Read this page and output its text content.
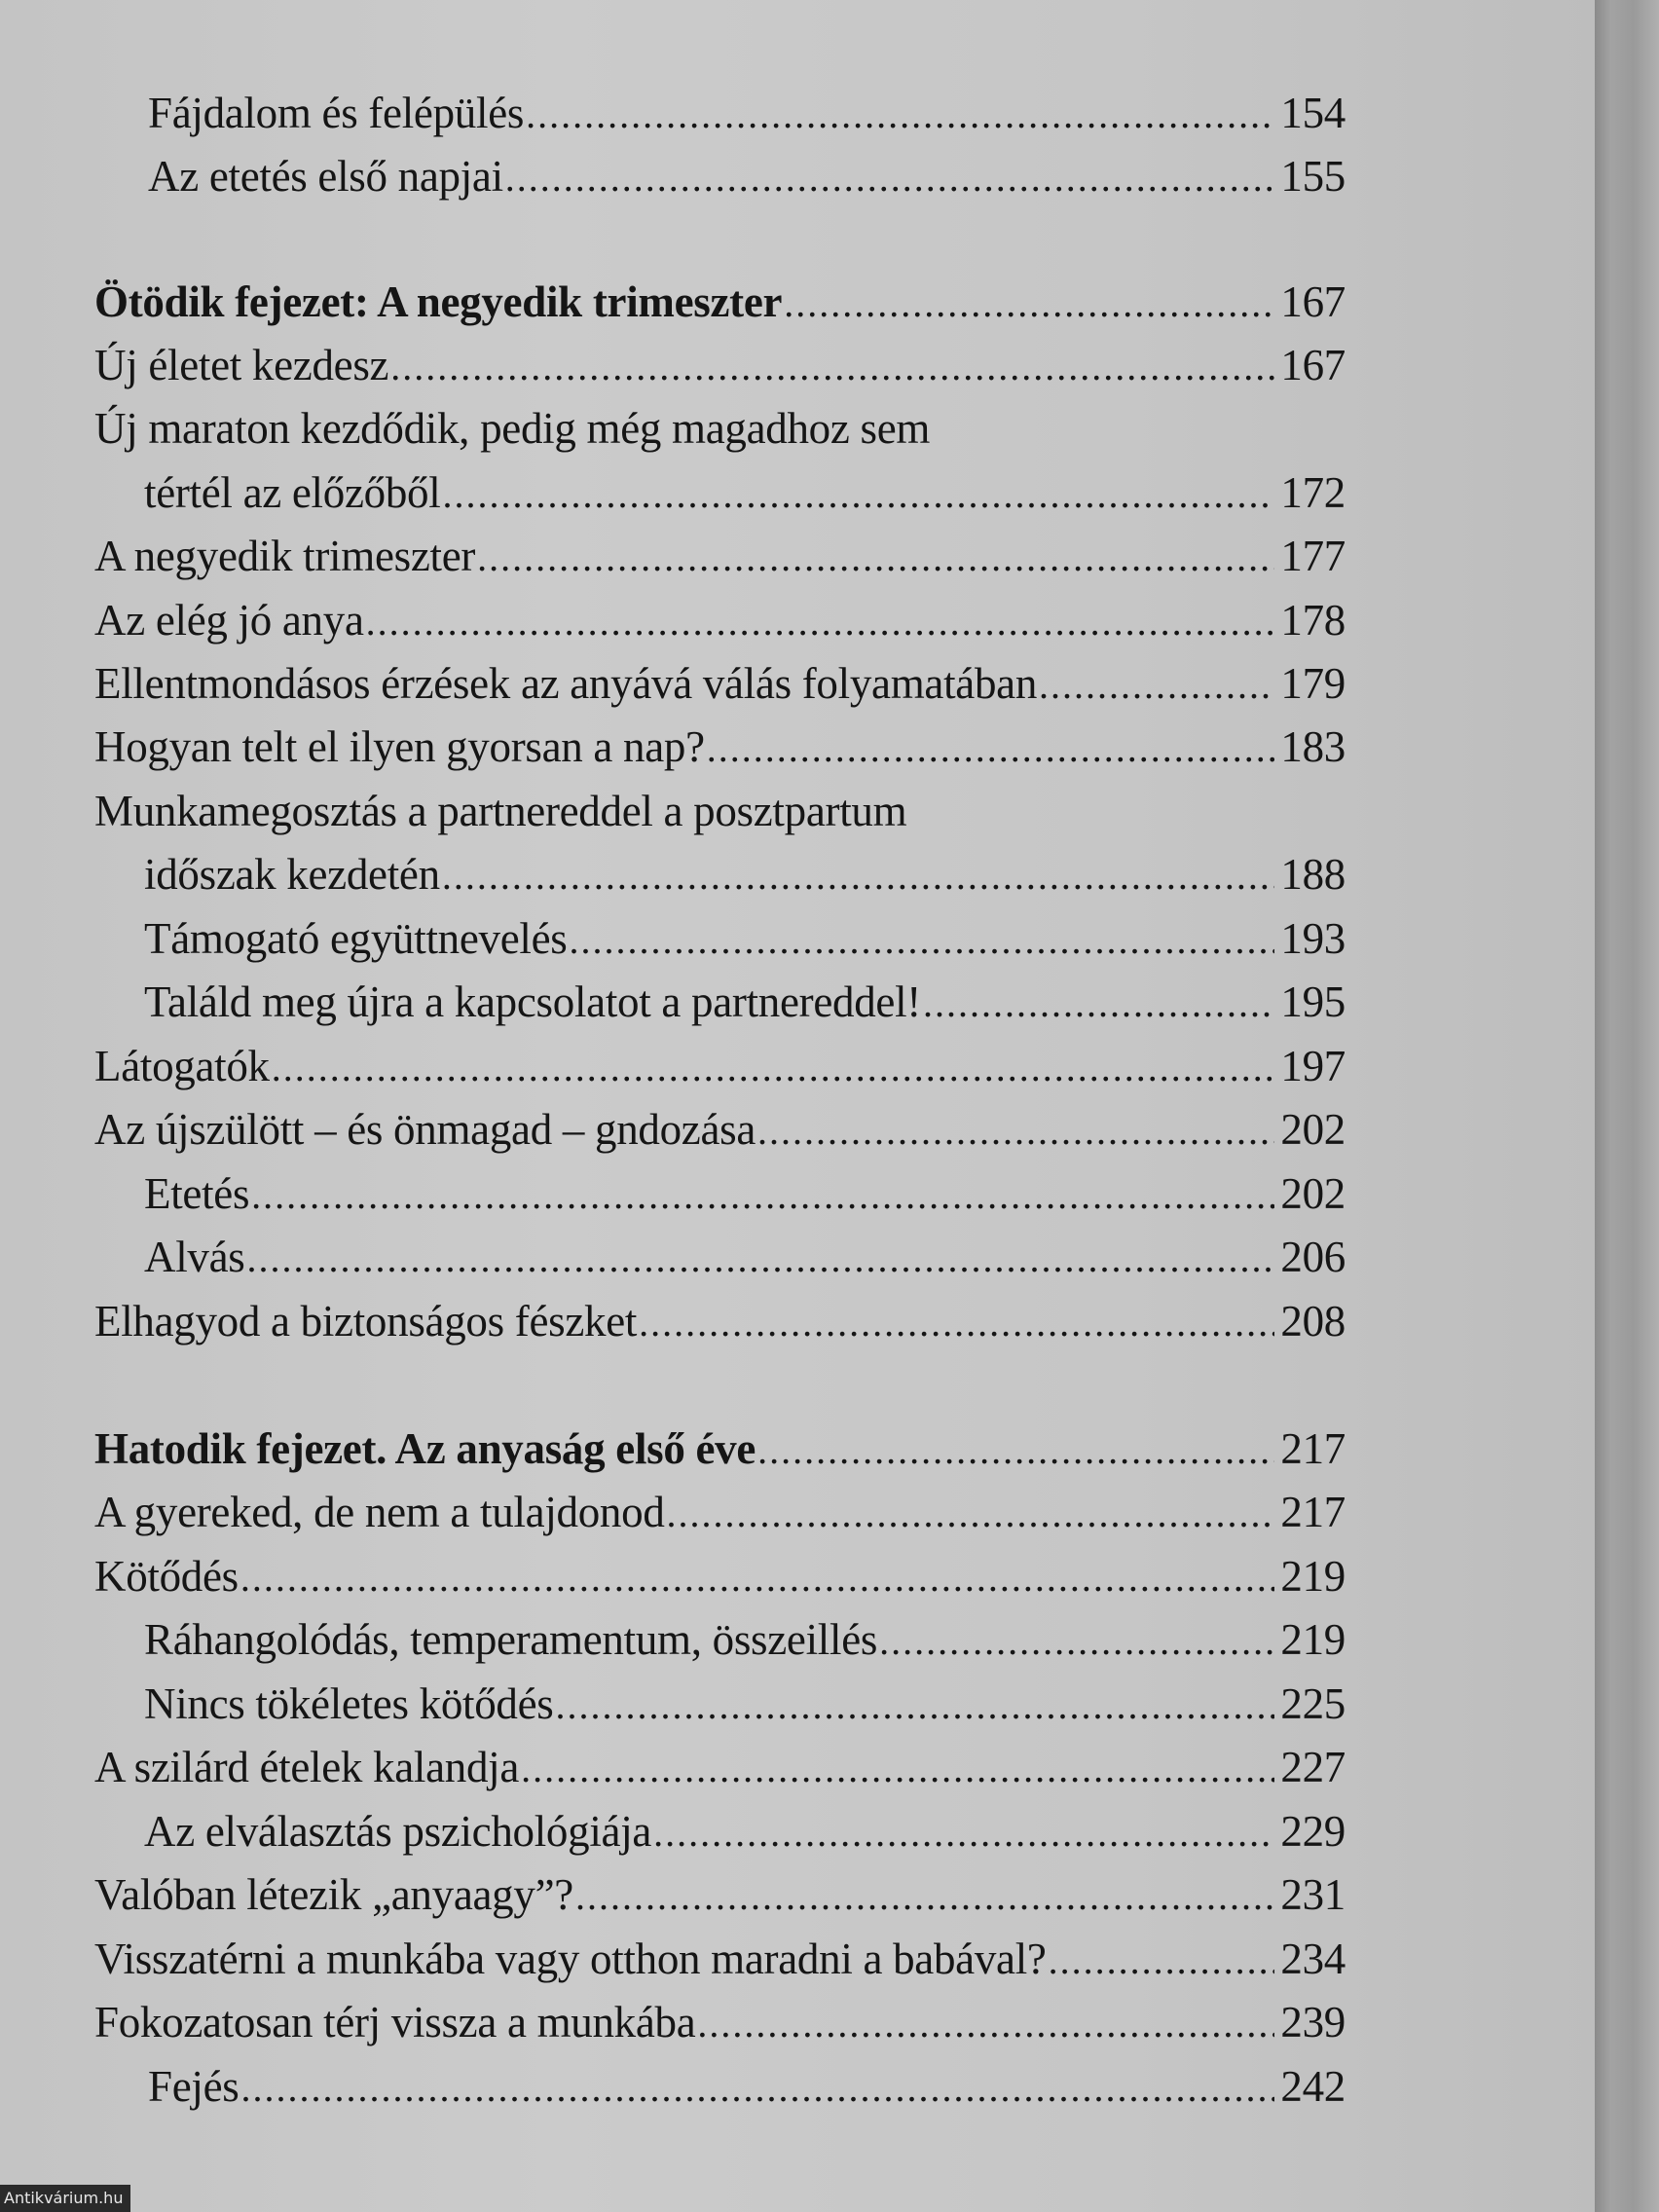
Fájdalom és felépülés .....	154
Az etetés első napjai .....	155
Ötödik fejezet: A negyedik trimeszter .....	167
Új életet kezdesz .....	167
Új maraton kezdődik, pedig még magadhoz sem
tértél az előzőből .....	172
A negyedik trimeszter .....	177
Az elég jó anya .....	178
Ellentmondásos érzések az anyává válás folyamatában .....	179
Hogyan telt el ilyen gyorsan a nap? .....	183
Munkamegosztás a partnereddel a posztpartum
időszak kezdetén .....	188
Támogató együttnevelés .....	193
Találd meg újra a kapcsolatot a partnereddel! .....	195
Látogatók .....	197
Az újszülött – és önmagad – gndozása .....	202
Etetés .....	202
Alvás .....	206
Elhagyod a biztonságos fészket .....	208
Hatodik fejezet. Az anyaság első éve .....	217
A gyereked, de nem a tulajdonod .....	217
Kötődés .....	219
Ráhangolódás, temperamentum, összeillés .....	219
Nincs tökéletes kötődés .....	225
A szilárd ételek kalandja .....	227
Az elválasztás pszichológiája .....	229
Valóban létezik „anyaagy”? .....	231
Visszatérni a munkába vagy otthon maradni a babával? .....	234
Fokozatosan térj vissza a munkába .....	239
Fejés .....	242
Antikvárium.hu
